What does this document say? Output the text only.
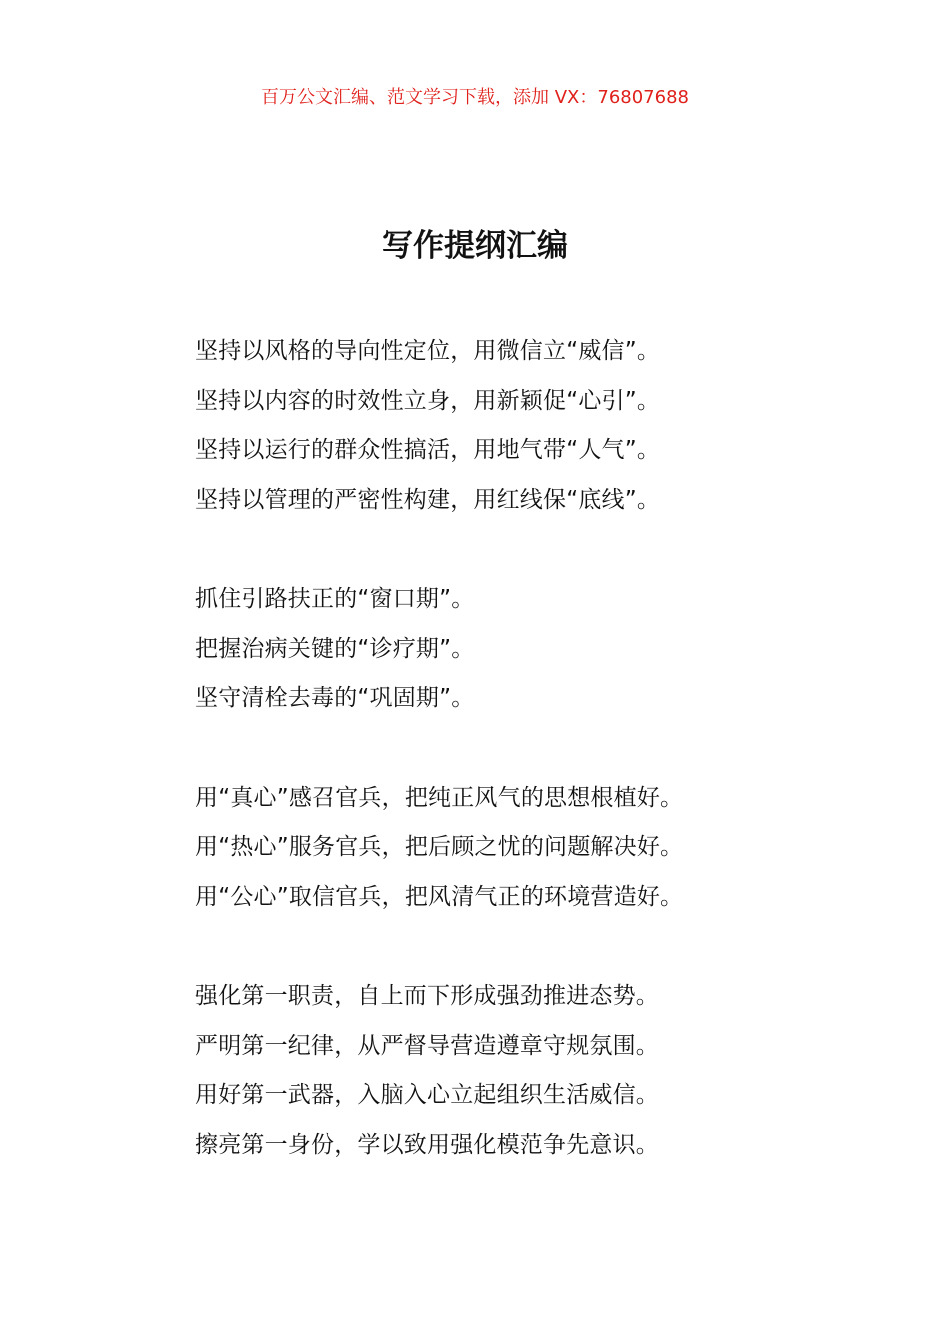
百万公文汇编、范文学习下载，添加 VX：76807688
写作提纲汇编
坚持以风格的导向性定位，用微信立“威信”。
坚持以内容的时效性立身，用新颖促“心引”。
坚持以运行的群众性搞活，用地气带“人气”。
坚持以管理的严密性构建，用红线保“底线”。
抓住引路扶正的“窗口期”。
把握治病关键的“诊疗期”。
坚守清栓去毒的“巩固期”。
用“真心”感召官兵，把纯正风气的思想根植好。
用“热心”服务官兵，把后顾之忧的问题解决好。
用“公心”取信官兵，把风清气正的环境营造好。
强化第一职责，自上而下形成强劲推进态势。
严明第一纪律，从严督导营造遵章守规氛围。
用好第一武器，入脑入心立起组织生活威信。
擦亮第一身份，学以致用强化模范争先意识。
